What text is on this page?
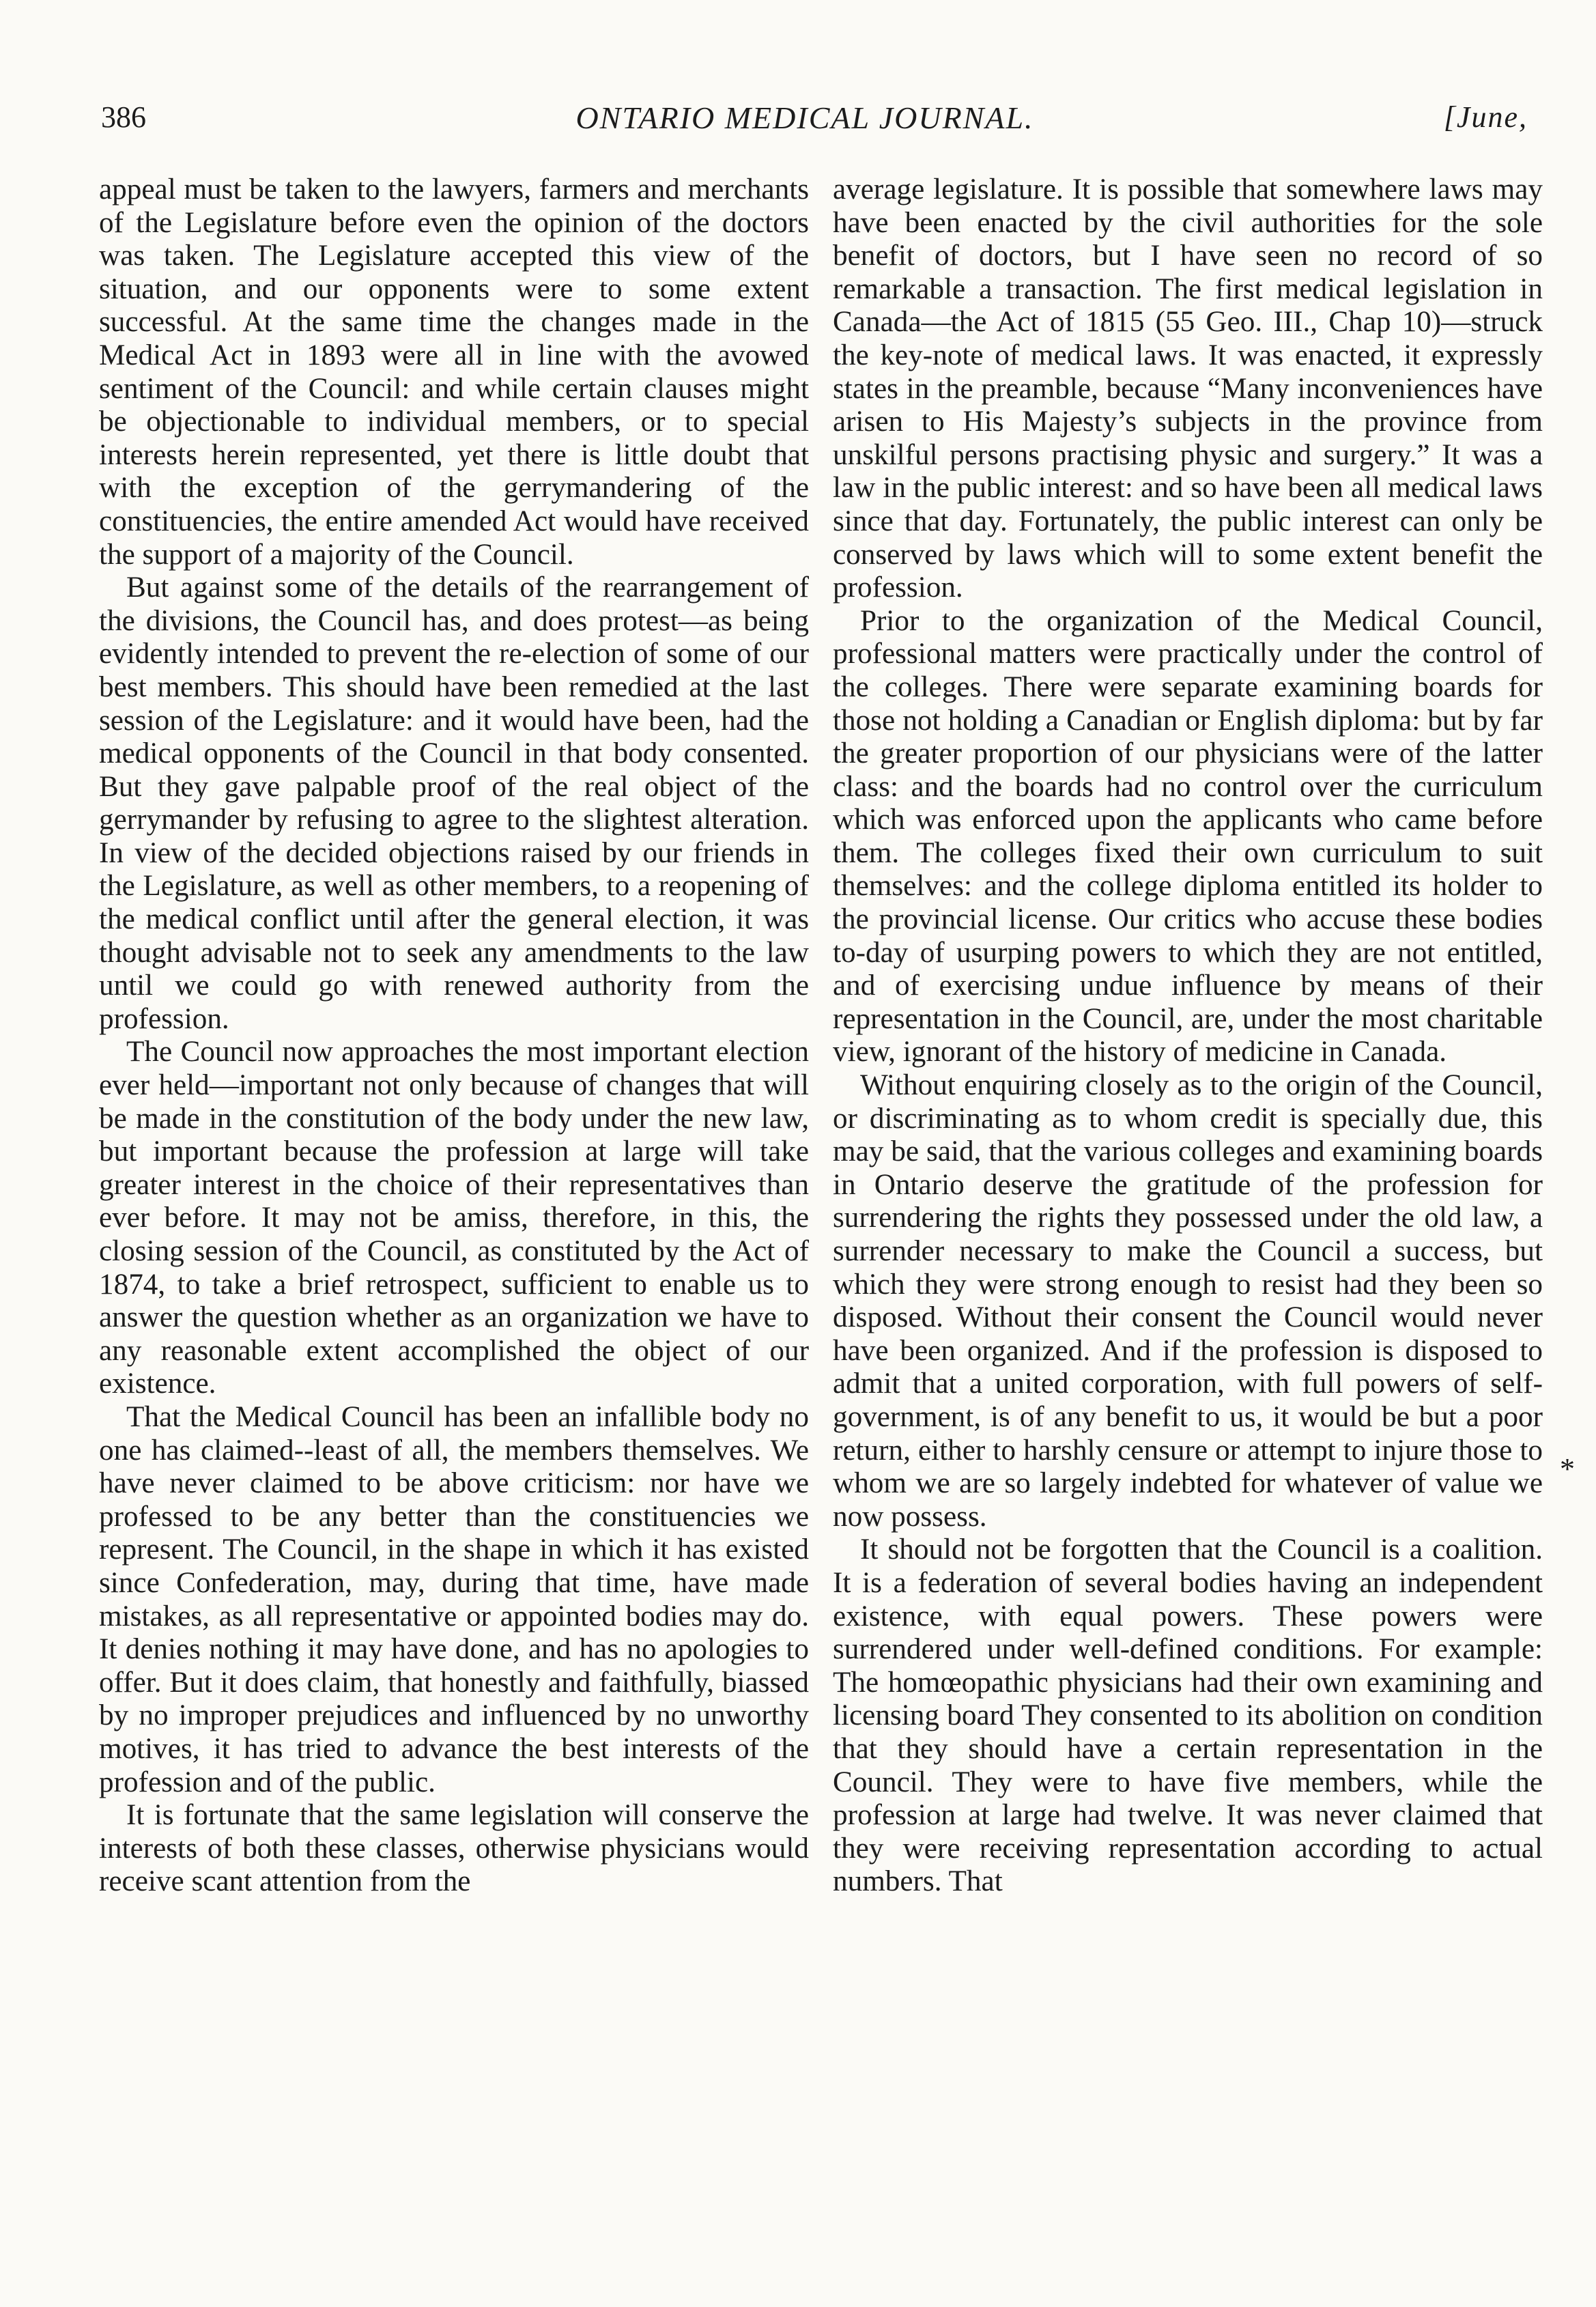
386	ONTARIO MEDICAL JOURNAL.	[June,

appeal must be taken to the lawyers, farmers and merchants of the Legislature before even the opinion of the doctors was taken. The Legislature accepted this view of the situation, and our opponents were to some extent successful. At the same time the changes made in the Medical Act in 1893 were all in line with the avowed sentiment of the Council: and while certain clauses might be objectionable to individual members, or to special interests herein represented, yet there is little doubt that with the exception of the gerrymandering of the constituencies, the entire amended Act would have received the support of a majority of the Council.

But against some of the details of the rearrangement of the divisions, the Council has, and does protest—as being evidently intended to prevent the re-election of some of our best members. This should have been remedied at the last session of the Legislature: and it would have been, had the medical opponents of the Council in that body consented. But they gave palpable proof of the real object of the gerrymander by refusing to agree to the slightest alteration. In view of the decided objections raised by our friends in the Legislature, as well as other members, to a reopening of the medical conflict until after the general election, it was thought advisable not to seek any amendments to the law until we could go with renewed authority from the profession.

The Council now approaches the most important election ever held—important not only because of changes that will be made in the constitution of the body under the new law, but important because the profession at large will take greater interest in the choice of their representatives than ever before. It may not be amiss, therefore, in this, the closing session of the Council, as constituted by the Act of 1874, to take a brief retrospect, sufficient to enable us to answer the question whether as an organization we have to any reasonable extent accomplished the object of our existence.

That the Medical Council has been an infallible body no one has claimed--least of all, the members themselves. We have never claimed to be above criticism: nor have we professed to be any better than the constituencies we represent. The Council, in the shape in which it has existed since Confederation, may, during that time, have made mistakes, as all representative or appointed bodies may do. It denies nothing it may have done, and has no apologies to offer. But it does claim, that honestly and faithfully, biassed by no improper prejudices and influenced by no unworthy motives, it has tried to advance the best interests of the profession and of the public.

It is fortunate that the same legislation will conserve the interests of both these classes, otherwise physicians would receive scant attention from the

average legislature. It is possible that somewhere laws may have been enacted by the civil authorities for the sole benefit of doctors, but I have seen no record of so remarkable a transaction. The first medical legislation in Canada—the Act of 1815 (55 Geo. III., Chap 10)—struck the key-note of medical laws. It was enacted, it expressly states in the preamble, because “Many inconveniences have arisen to His Majesty’s subjects in the province from unskilful persons practising physic and surgery.” It was a law in the public interest: and so have been all medical laws since that day. Fortunately, the public interest can only be conserved by laws which will to some extent benefit the profession.

Prior to the organization of the Medical Council, professional matters were practically under the control of the colleges. There were separate examining boards for those not holding a Canadian or English diploma: but by far the greater proportion of our physicians were of the latter class: and the boards had no control over the curriculum which was enforced upon the applicants who came before them. The colleges fixed their own curriculum to suit themselves: and the college diploma entitled its holder to the provincial license. Our critics who accuse these bodies to-day of usurping powers to which they are not entitled, and of exercising undue influence by means of their representation in the Council, are, under the most charitable view, ignorant of the history of medicine in Canada.

Without enquiring closely as to the origin of the Council, or discriminating as to whom credit is specially due, this may be said, that the various colleges and examining boards in Ontario deserve the gratitude of the profession for surrendering the rights they possessed under the old law, a surrender necessary to make the Council a success, but which they were strong enough to resist had they been so disposed. Without their consent the Council would never have been organized. And if the profession is disposed to admit that a united corporation, with full powers of self-government, is of any benefit to us, it would be but a poor return, either to harshly censure or attempt to injure those to whom we are so largely indebted for whatever of value we now possess.

It should not be forgotten that the Council is a coalition. It is a federation of several bodies having an independent existence, with equal powers. These powers were surrendered under well-defined conditions. For example: The homœopathic physicians had their own examining and licensing board They consented to its abolition on condition that they should have a certain representation in the Council. They were to have five members, while the profession at large had twelve. It was never claimed that they were receiving representation according to actual numbers. That

*
